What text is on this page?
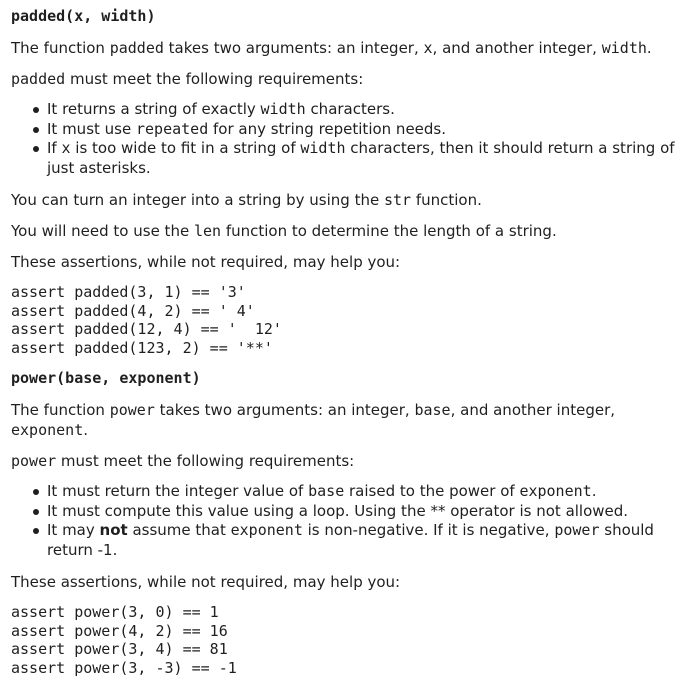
padded(x, width)

The function padded takes two arguments: an integer, x, and another integer, width.

padded must meet the following requirements:

It returns a string of exactly width characters.
It must use repeated for any string repetition needs.
If x is too wide to fit in a string of width characters, then it should return a string of just asterisks.

You can turn an integer into a string by using the str function.

You will need to use the len function to determine the length of a string.

These assertions, while not required, may help you:

assert padded(3, 1) == '3'
assert padded(4, 2) == ' 4'
assert padded(12, 4) == '  12'
assert padded(123, 2) == '**'
power(base, exponent)

The function power takes two arguments: an integer, base, and another integer, exponent.

power must meet the following requirements:

It must return the integer value of base raised to the power of exponent.
It must compute this value using a loop. Using the ** operator is not allowed.
It may not assume that exponent is non-negative. If it is negative, power should return -1.

These assertions, while not required, may help you:

assert power(3, 0) == 1
assert power(4, 2) == 16
assert power(3, 4) == 81
assert power(3, -3) == -1
